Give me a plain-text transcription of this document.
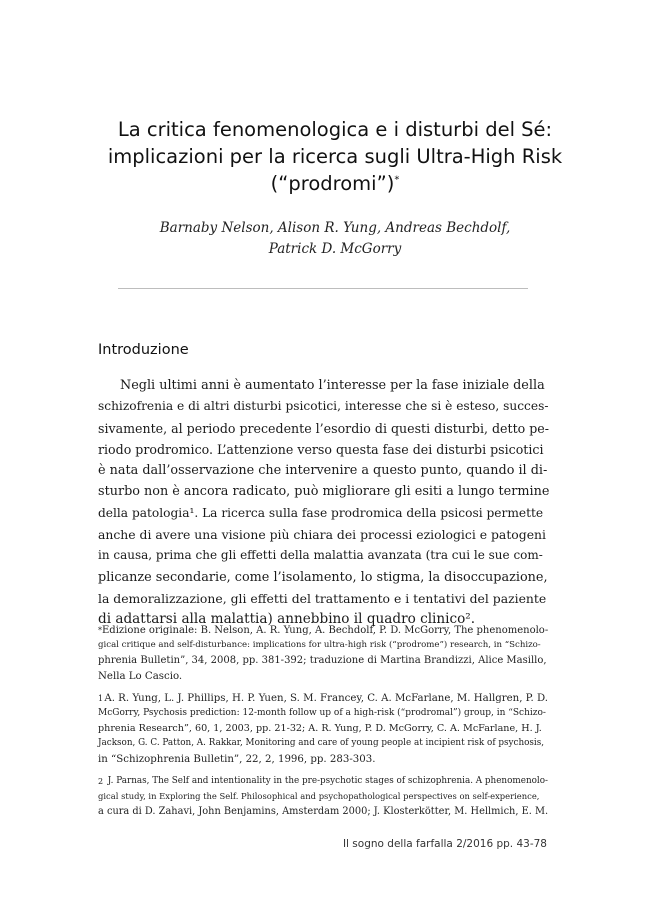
La critica fenomenologica e i disturbi del Sé:
implicazioni per la ricerca sugli Ultra-High Risk
(“prodromi”)*
Barnaby Nelson, Alison R. Yung, Andreas Bechdolf,
Patrick D. McGorry
Introduzione
Negli ultimi anni è aumentato l’interesse per la fase iniziale della
schizofrenia e di altri disturbi psicotici, interesse che si è esteso, succes-
sivamente, al periodo precedente l’esordio di questi disturbi, detto pe-
riodo prodromico. L’attenzione verso questa fase dei disturbi psicotici
è nata dall’osservazione che intervenire a questo punto, quando il di-
sturbo non è ancora radicato, può migliorare gli esiti a lungo termine
della patologia¹. La ricerca sulla fase prodromica della psicosi permette
anche di avere una visione più chiara dei processi eziologici e patogeni
in causa, prima che gli effetti della malattia avanzata (tra cui le sue com-
plicanze secondarie, come l’isolamento, lo stigma, la disoccupazione,
la demoralizzazione, gli effetti del trattamento e i tentativi del paziente
di adattarsi alla malattia) annebbino il quadro clinico².
* Edizione originale: B. Nelson, A. R. Yung, A. Bechdolf, P. D. McGorry, The phenomenolo-
gical critique and self-disturbance: implications for ultra-high risk (“prodrome”) research, in “Schizo-
phrenia Bulletin”, 34, 2008, pp. 381-392; traduzione di Martina Brandizzi, Alice Masillo,
Nella Lo Cascio.
1 A. R. Yung, L. J. Phillips, H. P. Yuen, S. M. Francey, C. A. McFarlane, M. Hallgren, P. D.
McGorry, Psychosis prediction: 12-month follow up of a high-risk (“prodromal”) group, in “Schizo-
phrenia Research”, 60, 1, 2003, pp. 21-32; A. R. Yung, P. D. McGorry, C. A. McFarlane, H. J.
Jackson, G. C. Patton, A. Rakkar, Monitoring and care of young people at incipient risk of psychosis,
in “Schizophrenia Bulletin”, 22, 2, 1996, pp. 283-303.
2 J. Parnas, The Self and intentionality in the pre-psychotic stages of schizophrenia. A phenomenolo-
gical study, in Exploring the Self. Philosophical and psychopathological perspectives on self-experience,
a cura di D. Zahavi, John Benjamins, Amsterdam 2000; J. Klosterkötter, M. Hellmich, E. M.
Il sogno della farfalla 2/2016 pp. 43-78
